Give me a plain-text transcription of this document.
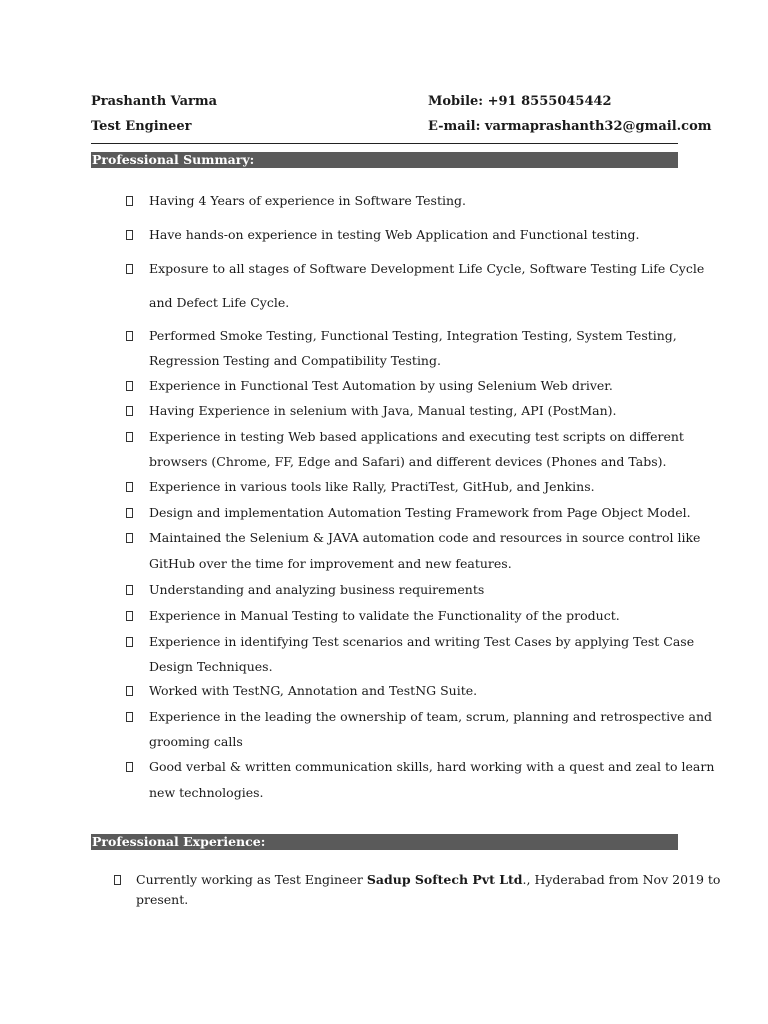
Prashanth Varma
Test Engineer
Mobile: +91 8555045442
E-mail: varmaprashanth32@gmail.com
Professional Summary:
Having 4 Years of experience in Software Testing.
Have hands-on experience in testing Web Application and Functional testing.
Exposure to all stages of Software Development Life Cycle, Software Testing Life Cycle
and Defect Life Cycle.
Performed Smoke Testing, Functional Testing, Integration Testing, System Testing,
Regression Testing and Compatibility Testing.
Experience in Functional Test Automation by using Selenium Web driver.
Having Experience in selenium with Java, Manual testing, API (PostMan).
Experience in testing Web based applications and executing test scripts on different
browsers (Chrome, FF, Edge and Safari) and different devices (Phones and Tabs).
Experience in various tools like Rally, PractiTest, GitHub, and Jenkins.
Design and implementation Automation Testing Framework from Page Object Model.
Maintained the Selenium & JAVA automation code and resources in source control like
GitHub over the time for improvement and new features.
Understanding and analyzing business requirements
Experience in Manual Testing to validate the Functionality of the product.
Experience in identifying Test scenarios and writing Test Cases by applying Test Case
Design Techniques.
Worked with TestNG, Annotation and TestNG Suite.
Experience in the leading the ownership of team, scrum, planning and retrospective and
grooming calls
Good verbal & written communication skills, hard working with a quest and zeal to learn
new technologies.
Professional Experience:
Currently working as Test Engineer Sadup Softech Pvt Ltd., Hyderabad from Nov 2019 to
present.
